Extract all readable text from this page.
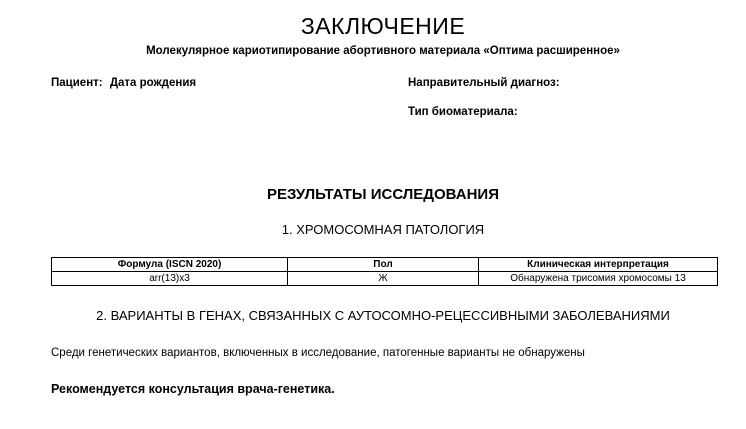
ЗАКЛЮЧЕНИЕ
Молекулярное кариотипирование абортивного материала «Оптима расширенное»
Пациент: Дата рождения	Направительный диагноз:
Тип биоматериала:
РЕЗУЛЬТАТЫ ИССЛЕДОВАНИЯ
1. ХРОМОСОМНАЯ ПАТОЛОГИЯ
Формула (ISCN 2020)	Пол	Клиническая интерпретация
arr(13)x3	Ж	Обнаружена трисомия хромосомы 13
2. ВАРИАНТЫ В ГЕНАХ, СВЯЗАННЫХ С АУТОСОМНО-РЕЦЕССИВНЫМИ ЗАБОЛЕВАНИЯМИ
Среди генетических вариантов, включенных в исследование, патогенные варианты не обнаружены
Рекомендуется консультация врача-генетика.
